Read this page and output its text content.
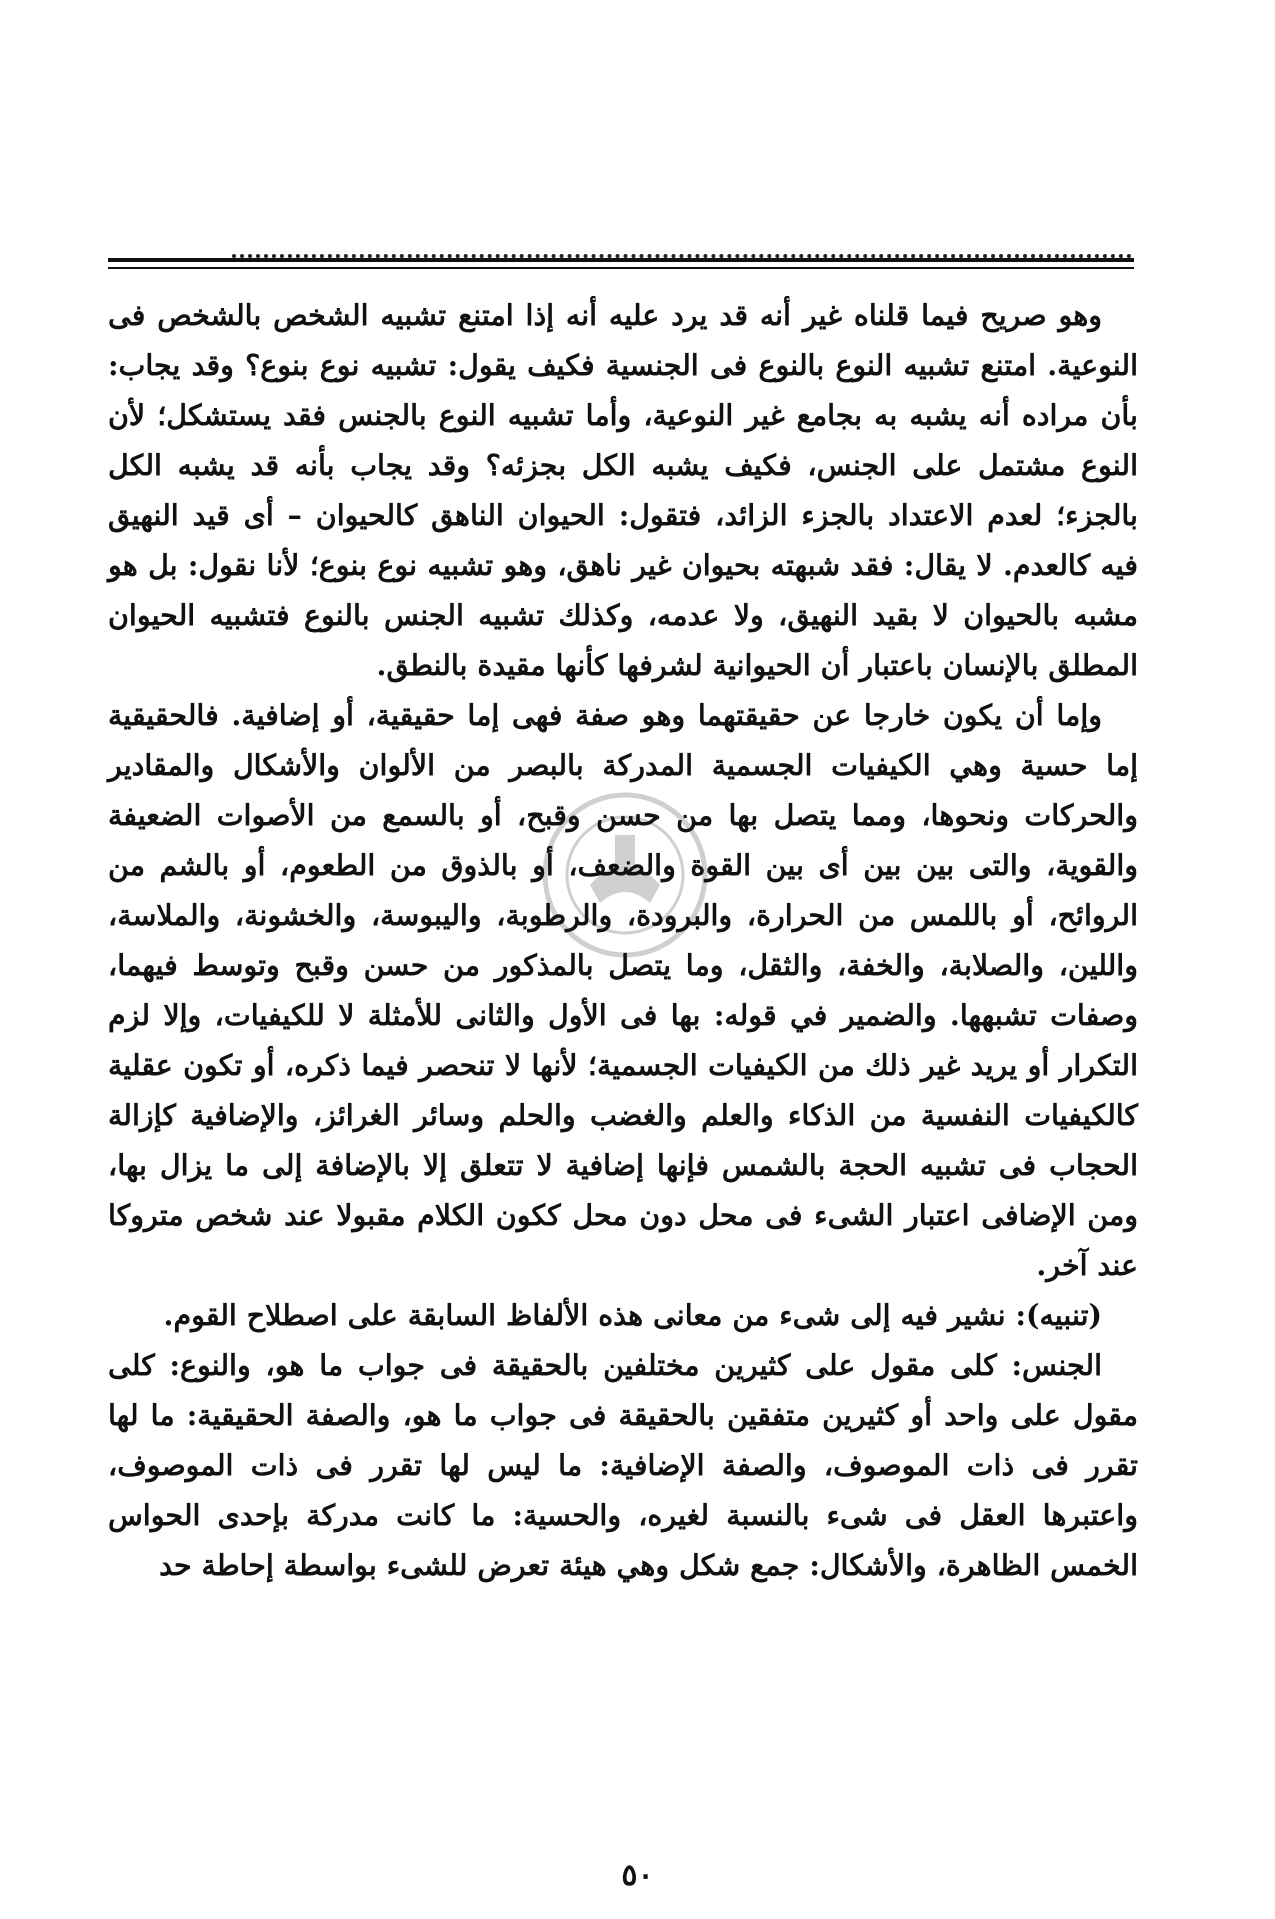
وهو صريح فيما قلناه غير أنه قد يرد عليه أنه إذا امتنع تشبيه الشخص بالشخص فى النوعية. امتنع تشبيه النوع بالنوع فى الجنسية فكيف يقول: تشبيه نوع بنوع؟ وقد يجاب: بأن مراده أنه يشبه به بجامع غير النوعية، وأما تشبيه النوع بالجنس فقد يستشكل؛ لأن النوع مشتمل على الجنس، فكيف يشبه الكل بجزئه؟ وقد يجاب بأنه قد يشبه الكل بالجزء؛ لعدم الاعتداد بالجزء الزائد، فتقول: الحيوان الناهق كالحيوان – أى قيد النهيق فيه كالعدم. لا يقال: فقد شبهته بحيوان غير ناهق، وهو تشبيه نوع بنوع؛ لأنا نقول: بل هو مشبه بالحيوان لا بقيد النهيق، ولا عدمه، وكذلك تشبيه الجنس بالنوع فتشبيه الحيوان المطلق بالإنسان باعتبار أن الحيوانية لشرفها كأنها مقيدة بالنطق.

وإما أن يكون خارجا عن حقيقتهما وهو صفة فهى إما حقيقية، أو إضافية. فالحقيقية إما حسية وهي الكيفيات الجسمية المدركة بالبصر من الألوان والأشكال والمقادير والحركات ونحوها، ومما يتصل بها من حسن وقبح، أو بالسمع من الأصوات الضعيفة والقوية، والتى بين بين أى بين القوة والضعف، أو بالذوق من الطعوم، أو بالشم من الروائح، أو باللمس من الحرارة، والبرودة، والرطوبة، واليبوسة، والخشونة، والملاسة، واللين، والصلابة، والخفة، والثقل، وما يتصل بالمذكور من حسن وقبح وتوسط فيهما، وصفات تشبهها. والضمير في قوله: بها فى الأول والثانى للأمثلة لا للكيفيات، وإلا لزم التكرار أو يريد غير ذلك من الكيفيات الجسمية؛ لأنها لا تنحصر فيما ذكره، أو تكون عقلية كالكيفيات النفسية من الذكاء والعلم والغضب والحلم وسائر الغرائز، والإضافية كإزالة الحجاب فى تشبيه الحجة بالشمس فإنها إضافية لا تتعلق إلا بالإضافة إلى ما يزال بها، ومن الإضافى اعتبار الشىء فى محل دون محل ككون الكلام مقبولا عند شخص متروكا عند آخر.

(تنبيه): نشير فيه إلى شىء من معانى هذه الألفاظ السابقة على اصطلاح القوم.

الجنس: كلى مقول على كثيرين مختلفين بالحقيقة فى جواب ما هو، والنوع: كلى مقول على واحد أو كثيرين متفقين بالحقيقة فى جواب ما هو، والصفة الحقيقية: ما لها تقرر فى ذات الموصوف، والصفة الإضافية: ما ليس لها تقرر فى ذات الموصوف، واعتبرها العقل فى شىء بالنسبة لغيره، والحسية: ما كانت مدركة بإحدى الحواس الخمس الظاهرة، والأشكال: جمع شكل وهي هيئة تعرض للشىء بواسطة إحاطة حد

٥٠
